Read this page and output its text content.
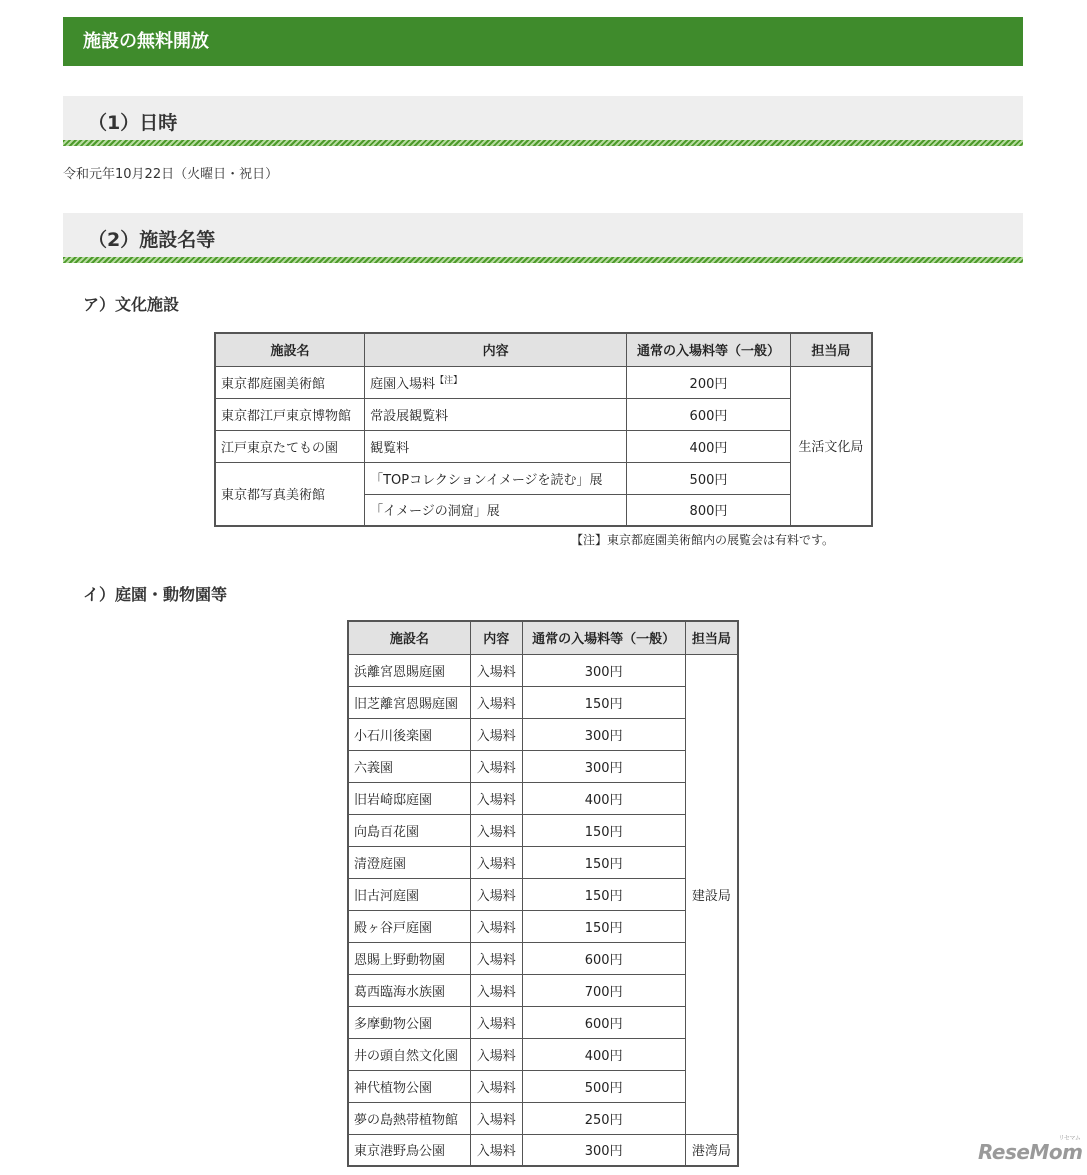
施設の無料開放
（1）日時
令和元年10月22日（火曜日・祝日）
（2）施設名等
ア）文化施設
施設名	内容	通常の入場料等（一般）	担当局
東京都庭園美術館	庭園入場料$^{【注】}$	200円	生活文化局
東京都江戸東京博物館	常設展観覧料	600円	
江戸東京たてもの園	観覧料	400円	
東京都写真美術館	「TOPコレクションイメージを読む」展	500円	
	「イメージの洞窟」展	800円	
【注】東京都庭園美術館内の展覧会は有料です。
イ）庭園・動物園等
施設名	内容	通常の入場料等（一般）	担当局
浜離宮恩賜庭園	入場料	300円	建設局
旧芝離宮恩賜庭園	入場料	150円	
小石川後楽園	入場料	300円	
六義園	入場料	300円	
旧岩崎邸庭園	入場料	400円	
向島百花園	入場料	150円	
清澄庭園	入場料	150円	
旧古河庭園	入場料	150円	
殿ヶ谷戸庭園	入場料	150円	
恩賜上野動物園	入場料	600円	
葛西臨海水族園	入場料	700円	
多摩動物公園	入場料	600円	
井の頭自然文化園	入場料	400円	
神代植物公園	入場料	500円	
夢の島熱帯植物館	入場料	250円	
東京港野鳥公園	入場料	300円	港湾局	ReseMom
リセマム
